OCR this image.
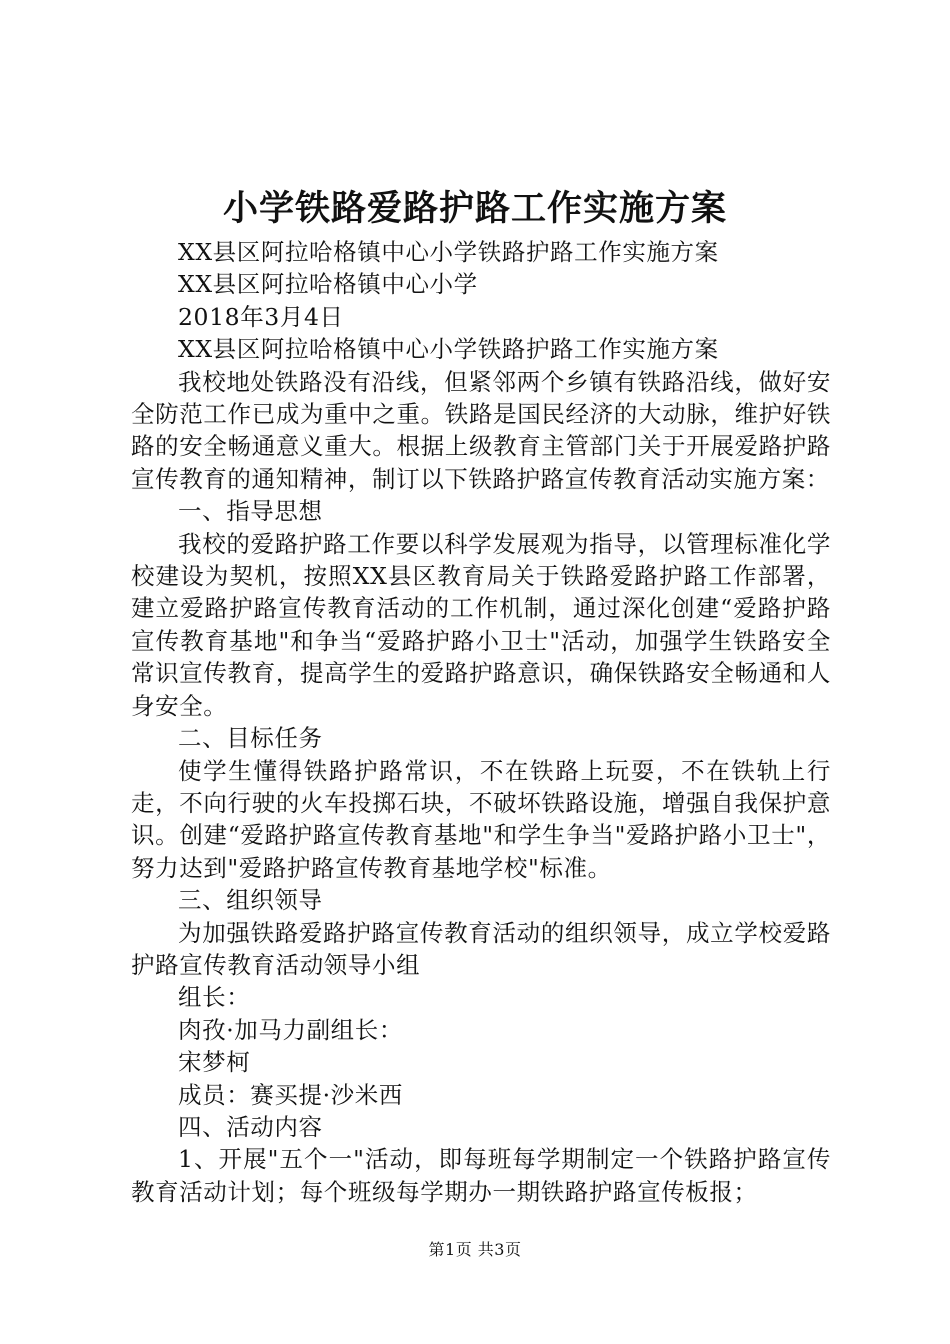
小学铁路爱路护路工作实施方案

XX县区阿拉哈格镇中心小学铁路护路工作实施方案

XX县区阿拉哈格镇中心小学

2018年3月4日

XX县区阿拉哈格镇中心小学铁路护路工作实施方案

我校地处铁路没有沿线，但紧邻两个乡镇有铁路沿线，做好安全防范工作已成为重中之重。铁路是国民经济的大动脉，维护好铁路的安全畅通意义重大。根据上级教育主管部门关于开展爱路护路宣传教育的通知精神，制订以下铁路护路宣传教育活动实施方案：

一、指导思想

我校的爱路护路工作要以科学发展观为指导，以管理标准化学校建设为契机，按照XX县区教育局关于铁路爱路护路工作部署，建立爱路护路宣传教育活动的工作机制，通过深化创建“爱路护路宣传教育基地"和争当“爱路护路小卫士"活动，加强学生铁路安全常识宣传教育，提高学生的爱路护路意识，确保铁路安全畅通和人身安全。

二、目标任务

使学生懂得铁路护路常识，不在铁路上玩耍，不在铁轨上行走，不向行驶的火车投掷石块，不破坏铁路设施，增强自我保护意识。创建“爱路护路宣传教育基地"和学生争当"爱路护路小卫士"，努力达到"爱路护路宣传教育基地学校"标准。

三、组织领导

为加强铁路爱路护路宣传教育活动的组织领导，成立学校爱路护路宣传教育活动领导小组

组长：

肉孜·加马力副组长：

宋梦柯

成员：赛买提·沙米西

四、活动内容

1、开展"五个一"活动，即每班每学期制定一个铁路护路宣传教育活动计划；每个班级每学期办一期铁路护路宣传板报；

第1页 共3页
